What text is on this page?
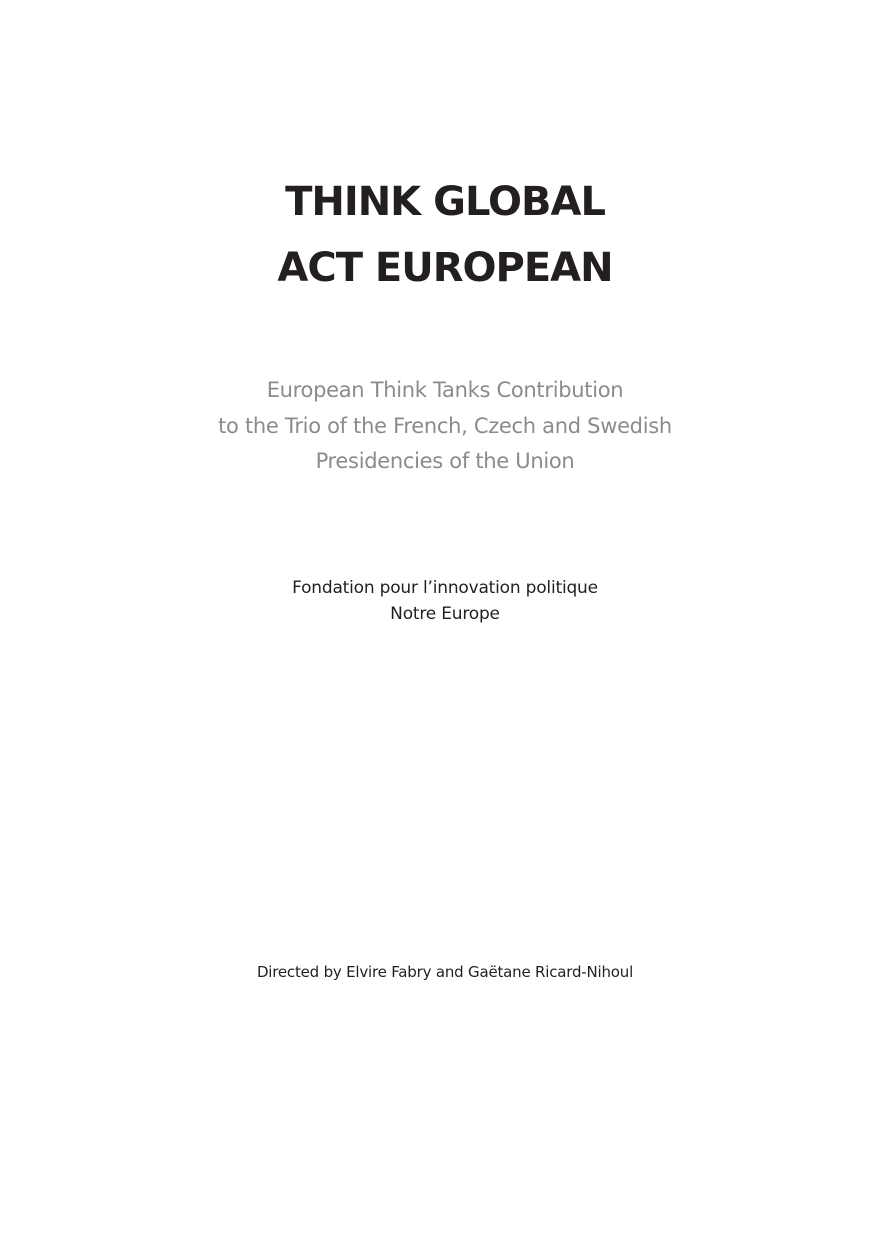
THINK GLOBAL
ACT EUROPEAN
European Think Tanks Contribution
to the Trio of the French, Czech and Swedish
Presidencies of the Union
Fondation pour l’innovation politique
Notre Europe
Directed by Elvire Fabry and Gaëtane Ricard-Nihoul
